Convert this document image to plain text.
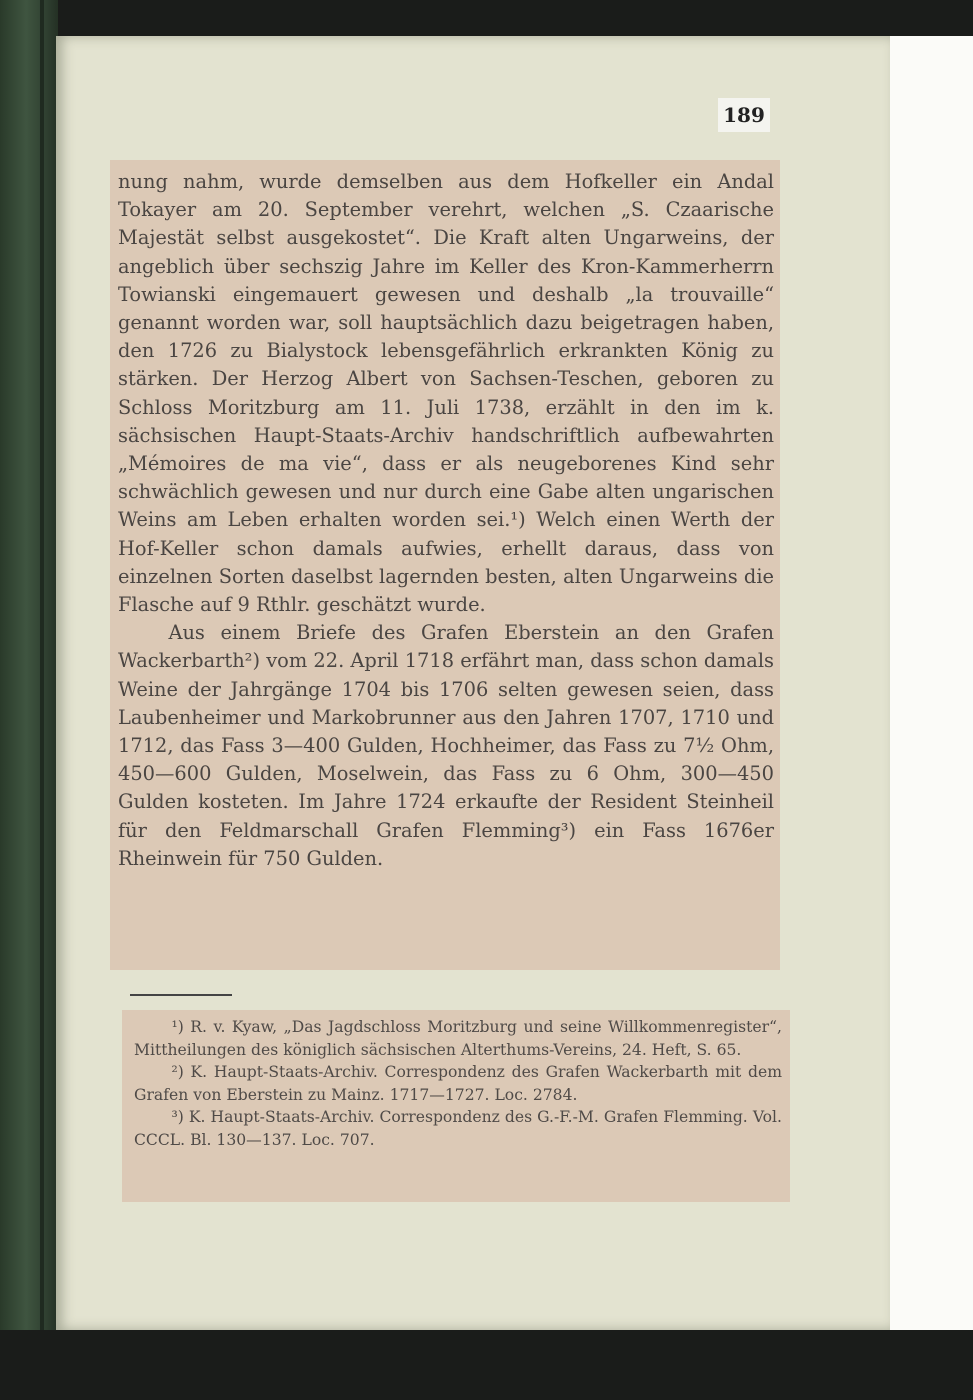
189

nung nahm, wurde demselben aus dem Hofkeller ein Andal Tokayer am 20. September verehrt, welchen „S. Czaarische Majestät selbst ausgekostet“. Die Kraft alten Ungarweins, der angeblich über sechszig Jahre im Keller des Kron-Kammerherrn Towianski eingemauert gewesen und deshalb „la trouvaille“ genannt worden war, soll hauptsächlich dazu beigetragen haben, den 1726 zu Bialystock lebensgefährlich erkrankten König zu stärken. Der Herzog Albert von Sachsen-Teschen, geboren zu Schloss Moritzburg am 11. Juli 1738, erzählt in den im k. sächsischen Haupt-Staats-Archiv handschriftlich aufbewahrten „Mémoires de ma vie“, dass er als neugeborenes Kind sehr schwächlich gewesen und nur durch eine Gabe alten ungarischen Weins am Leben erhalten worden sei.¹) Welch einen Werth der Hof-Keller schon damals aufwies, erhellt daraus, dass von einzelnen Sorten daselbst lagernden besten, alten Ungarweins die Flasche auf 9 Rthlr. geschätzt wurde.

Aus einem Briefe des Grafen Eberstein an den Grafen Wackerbarth²) vom 22. April 1718 erfährt man, dass schon damals Weine der Jahrgänge 1704 bis 1706 selten gewesen seien, dass Laubenheimer und Markobrunner aus den Jahren 1707, 1710 und 1712, das Fass 3—400 Gulden, Hochheimer, das Fass zu 7½ Ohm, 450—600 Gulden, Moselwein, das Fass zu 6 Ohm, 300—450 Gulden kosteten. Im Jahre 1724 erkaufte der Resident Steinheil für den Feldmarschall Grafen Flemming³) ein Fass 1676er Rheinwein für 750 Gulden.

¹) R. v. Kyaw, „Das Jagdschloss Moritzburg und seine Willkommenregister“, Mittheilungen des königlich sächsischen Alterthums-Vereins, 24. Heft, S. 65.

²) K. Haupt-Staats-Archiv. Correspondenz des Grafen Wackerbarth mit dem Grafen von Eberstein zu Mainz. 1717—1727. Loc. 2784.

³) K. Haupt-Staats-Archiv. Correspondenz des G.-F.-M. Grafen Flemming. Vol. CCCL. Bl. 130—137. Loc. 707.
